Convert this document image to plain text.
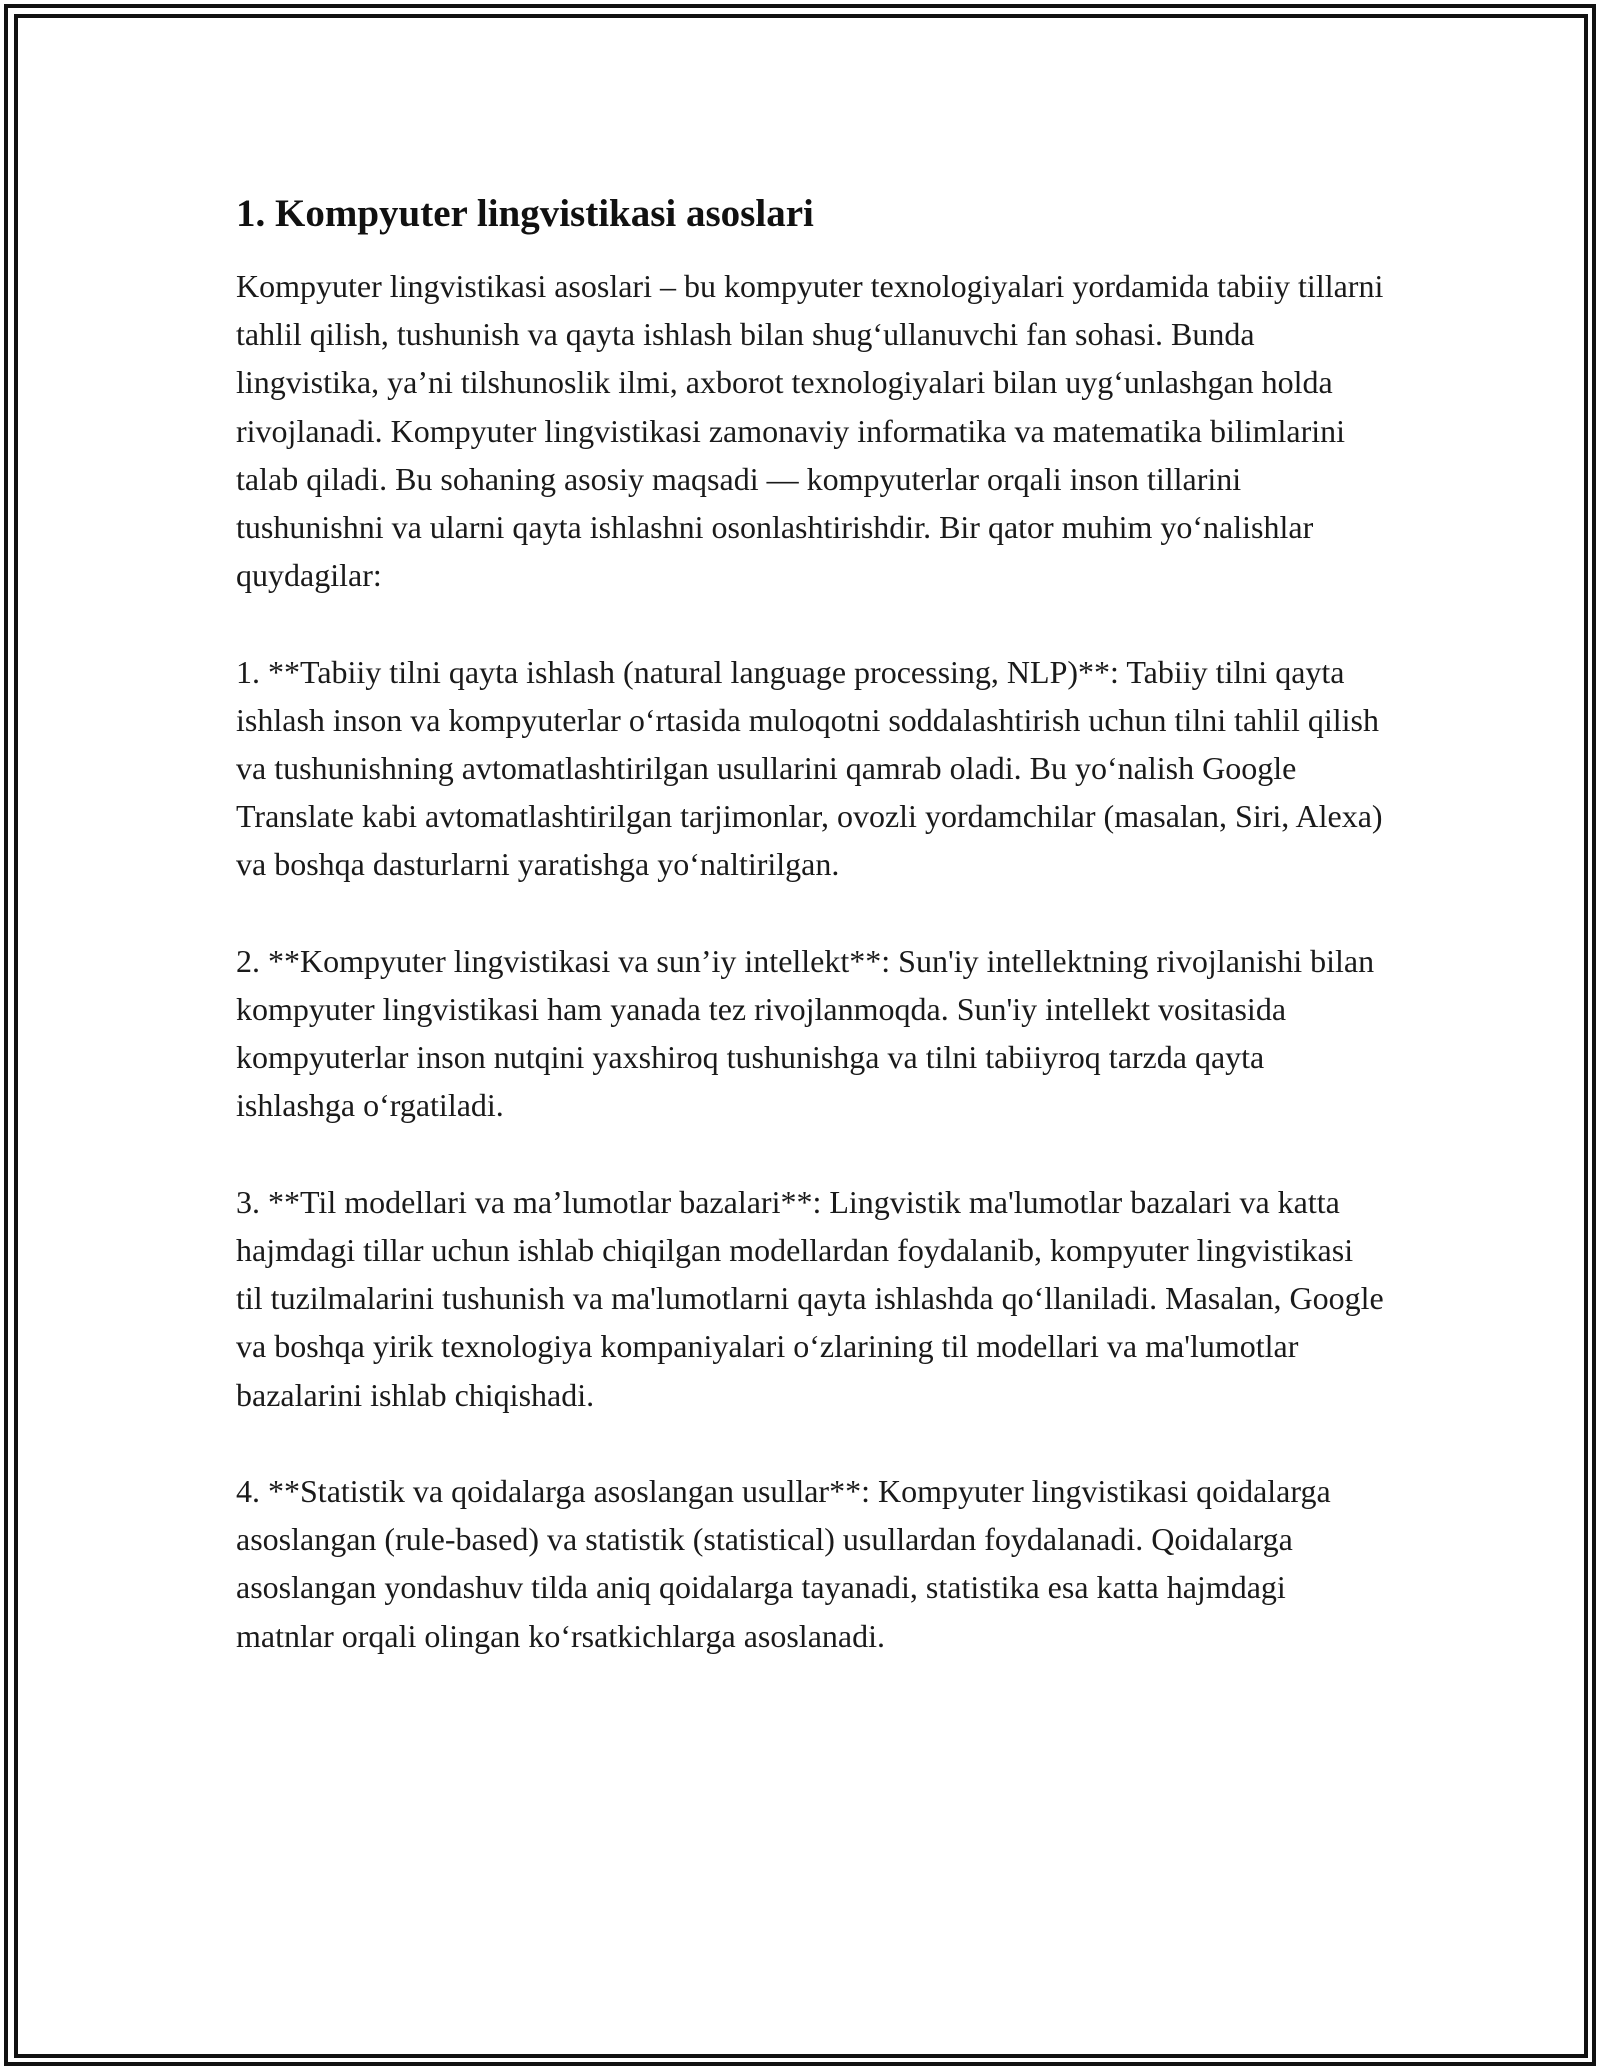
1. Kompyuter lingvistikasi asoslari

Kompyuter lingvistikasi asoslari – bu kompyuter texnologiyalari yordamida tabiiy tillarni tahlil qilish, tushunish va qayta ishlash bilan shug‘ullanuvchi fan sohasi. Bunda lingvistika, ya’ni tilshunoslik ilmi, axborot texnologiyalari bilan uyg‘unlashgan holda rivojlanadi. Kompyuter lingvistikasi zamonaviy informatika va matematika bilimlarini talab qiladi. Bu sohaning asosiy maqsadi — kompyuterlar orqali inson tillarini tushunishni va ularni qayta ishlashni osonlashtirishdir. Bir qator muhim yo‘nalishlar quydagilar:

1. **Tabiiy tilni qayta ishlash (natural language processing, NLP)**: Tabiiy tilni qayta ishlash inson va kompyuterlar o‘rtasida muloqotni soddalashtirish uchun tilni tahlil qilish va tushunishning avtomatlashtirilgan usullarini qamrab oladi. Bu yo‘nalish Google Translate kabi avtomatlashtirilgan tarjimonlar, ovozli yordamchilar (masalan, Siri, Alexa) va boshqa dasturlarni yaratishga yo‘naltirilgan.

2. **Kompyuter lingvistikasi va sun’iy intellekt**: Sun'iy intellektning rivojlanishi bilan kompyuter lingvistikasi ham yanada tez rivojlanmoqda. Sun'iy intellekt vositasida kompyuterlar inson nutqini yaxshiroq tushunishga va tilni tabiiyroq tarzda qayta ishlashga o‘rgatiladi.

3. **Til modellari va ma’lumotlar bazalari**: Lingvistik ma'lumotlar bazalari va katta hajmdagi tillar uchun ishlab chiqilgan modellardan foydalanib, kompyuter lingvistikasi til tuzilmalarini tushunish va ma'lumotlarni qayta ishlashda qo‘llaniladi. Masalan, Google va boshqa yirik texnologiya kompaniyalari o‘zlarining til modellari va ma'lumotlar bazalarini ishlab chiqishadi.

4. **Statistik va qoidalarga asoslangan usullar**: Kompyuter lingvistikasi qoidalarga asoslangan (rule-based) va statistik (statistical) usullardan foydalanadi. Qoidalarga asoslangan yondashuv tilda aniq qoidalarga tayanadi, statistika esa katta hajmdagi matnlar orqali olingan ko‘rsatkichlarga asoslanadi.
